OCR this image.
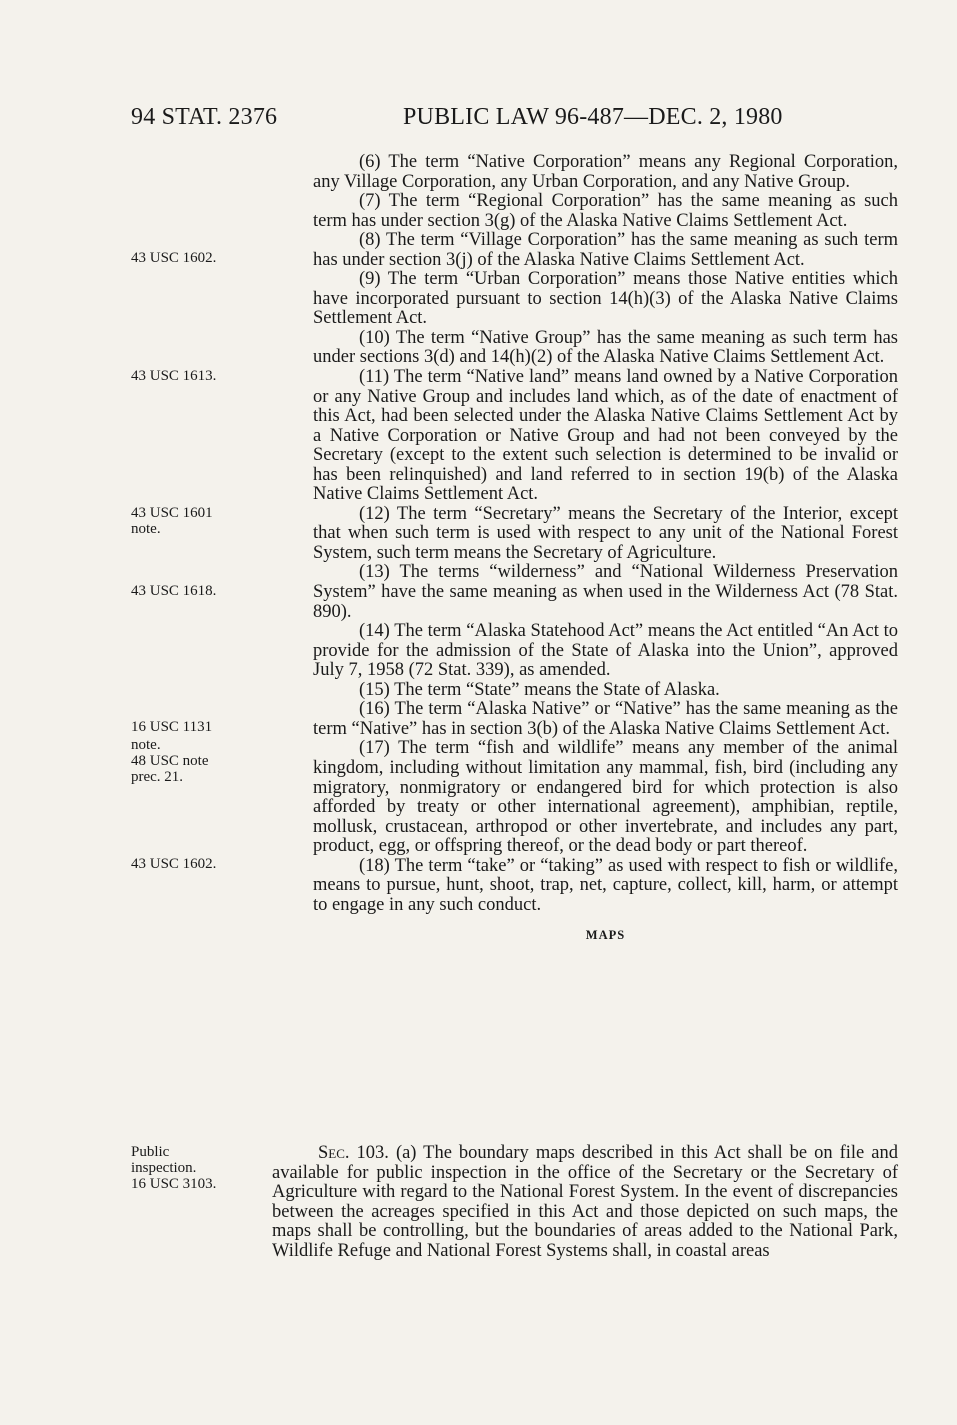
94 STAT. 2376	PUBLIC LAW 96-487—DEC. 2, 1980
43 USC 1602.
43 USC 1613.
43 USC 1601
note.
43 USC 1618.
16 USC 1131
note.
48 USC note
prec. 21.
43 USC 1602.
Public
inspection.
16 USC 3103.

(6) The term “Native Corporation” means any Regional Corporation, any Village Corporation, any Urban Corporation, and any Native Group.

(7) The term “Regional Corporation” has the same meaning as such term has under section 3(g) of the Alaska Native Claims Settlement Act.

(8) The term “Village Corporation” has the same meaning as such term has under section 3(j) of the Alaska Native Claims Settlement Act.

(9) The term “Urban Corporation” means those Native entities which have incorporated pursuant to section 14(h)(3) of the Alaska Native Claims Settlement Act.

(10) The term “Native Group” has the same meaning as such term has under sections 3(d) and 14(h)(2) of the Alaska Native Claims Settlement Act.

(11) The term “Native land” means land owned by a Native Corporation or any Native Group and includes land which, as of the date of enactment of this Act, had been selected under the Alaska Native Claims Settlement Act by a Native Corporation or Native Group and had not been conveyed by the Secretary (except to the extent such selection is determined to be invalid or has been relinquished) and land referred to in section 19(b) of the Alaska Native Claims Settlement Act.

(12) The term “Secretary” means the Secretary of the Interior, except that when such term is used with respect to any unit of the National Forest System, such term means the Secretary of Agriculture.

(13) The terms “wilderness” and “National Wilderness Preservation System” have the same meaning as when used in the Wilderness Act (78 Stat. 890).

(14) The term “Alaska Statehood Act” means the Act entitled “An Act to provide for the admission of the State of Alaska into the Union”, approved July 7, 1958 (72 Stat. 339), as amended.

(15) The term “State” means the State of Alaska.

(16) The term “Alaska Native” or “Native” has the same meaning as the term “Native” has in section 3(b) of the Alaska Native Claims Settlement Act.

(17) The term “fish and wildlife” means any member of the animal kingdom, including without limitation any mammal, fish, bird (including any migratory, nonmigratory or endangered bird for which protection is also afforded by treaty or other international agreement), amphibian, reptile, mollusk, crustacean, arthropod or other invertebrate, and includes any part, product, egg, or offspring thereof, or the dead body or part thereof.

(18) The term “take” or “taking” as used with respect to fish or wildlife, means to pursue, hunt, shoot, trap, net, capture, collect, kill, harm, or attempt to engage in any such conduct.

MAPS

Sec. 103. (a) The boundary maps described in this Act shall be on file and available for public inspection in the office of the Secretary or the Secretary of Agriculture with regard to the National Forest System. In the event of discrepancies between the acreages specified in this Act and those depicted on such maps, the maps shall be controlling, but the boundaries of areas added to the National Park, Wildlife Refuge and National Forest Systems shall, in coastal areas
